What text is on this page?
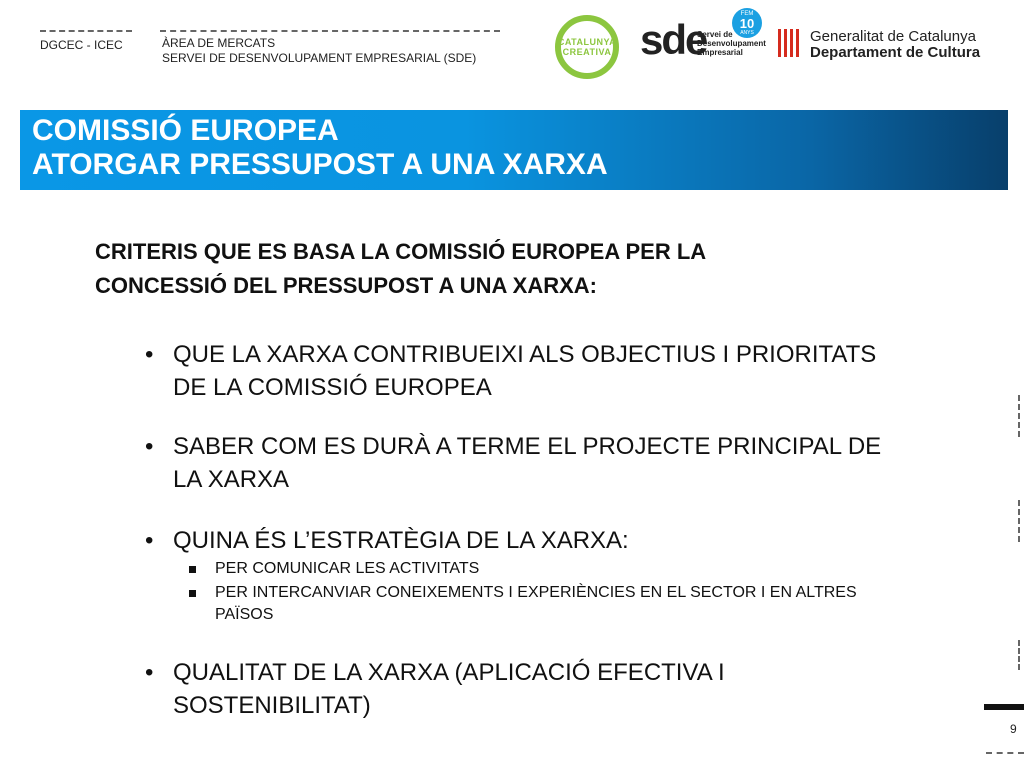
DGCEC - ICEC	ÀREA DE MERCATS
SERVEI DE DESENVOLUPAMENT EMPRESARIAL (SDE)
CATALUNYA
CREATIVA sde
Servei de
Desenvolupament
Empresarial
FEM
10
ANYS	Generalitat de Catalunya
Departament de Cultura
COMISSIÓ EUROPEA
ATORGAR PRESSUPOST A UNA XARXA
CRITERIS QUE ES BASA LA COMISSIÓ EUROPEA PER LA
CONCESSIÓ DEL PRESSUPOST A UNA XARXA:
• QUE LA XARXA CONTRIBUEIXI ALS OBJECTIUS I PRIORITATS
DE LA COMISSIÓ EUROPEA
• SABER COM ES DURÀ A TERME EL PROJECTE PRINCIPAL DE
LA XARXA
• QUINA ÉS L’ESTRATÈGIA DE LA XARXA:
PER COMUNICAR LES ACTIVITATS
PER INTERCANVIAR CONEIXEMENTS I EXPERIÈNCIES EN EL SECTOR I EN ALTRES
PAÏSOS
• QUALITAT DE LA XARXA (APLICACIÓ EFECTIVA I
SOSTENIBILITAT)
9
